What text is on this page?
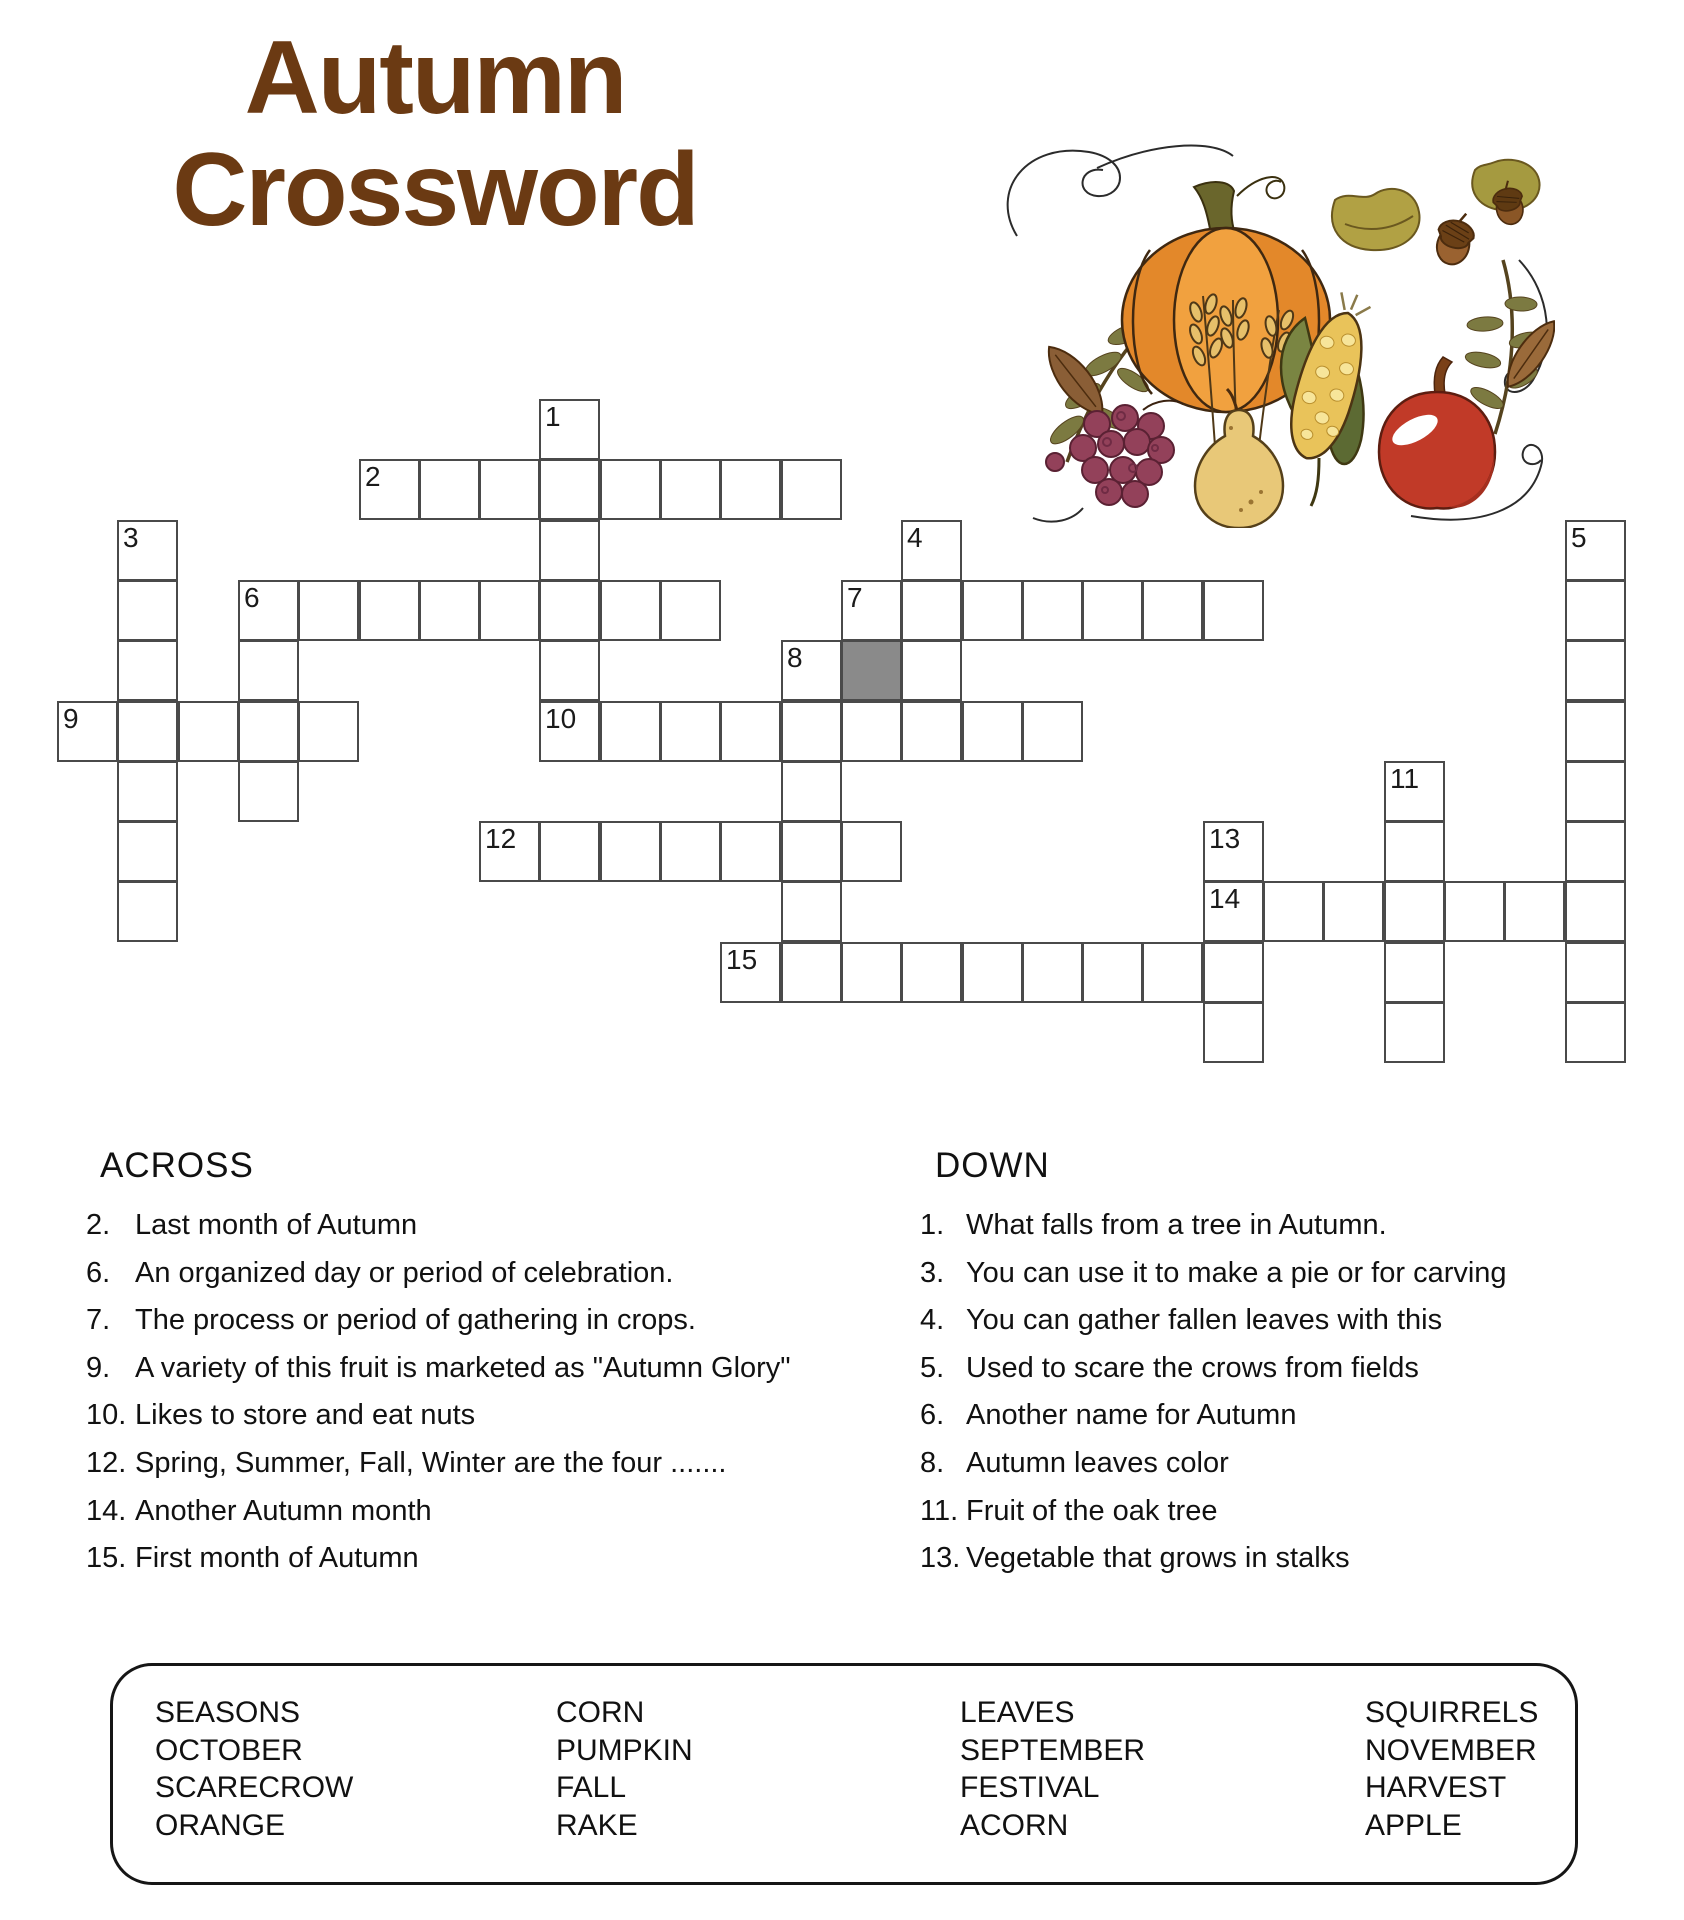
Autumn
Crossword
2
6	7
9	10
12
14
15
1
3	4	5
8
11
13
ACROSS
2. Last month of Autumn
6. An organized day or period of celebration.
7. The process or period of gathering in crops.
9. A variety of this fruit is marketed as "Autumn Glory"
10. Likes to store and eat nuts
12. Spring, Summer, Fall, Winter are the four .......
14. Another Autumn month
15. First month of Autumn
DOWN
1. What falls from a tree in Autumn.
3. You can use it to make a pie or for carving
4. You can gather fallen leaves with this
5. Used to scare the crows from fields
6. Another name for Autumn
8. Autumn leaves color
11. Fruit of the oak tree
13. Vegetable that grows in stalks
SEASONS
OCTOBER
SCARECROW
ORANGE
CORN
PUMPKIN
FALL
RAKE
LEAVES
SEPTEMBER
FESTIVAL
ACORN
SQUIRRELS
NOVEMBER
HARVEST
APPLE
